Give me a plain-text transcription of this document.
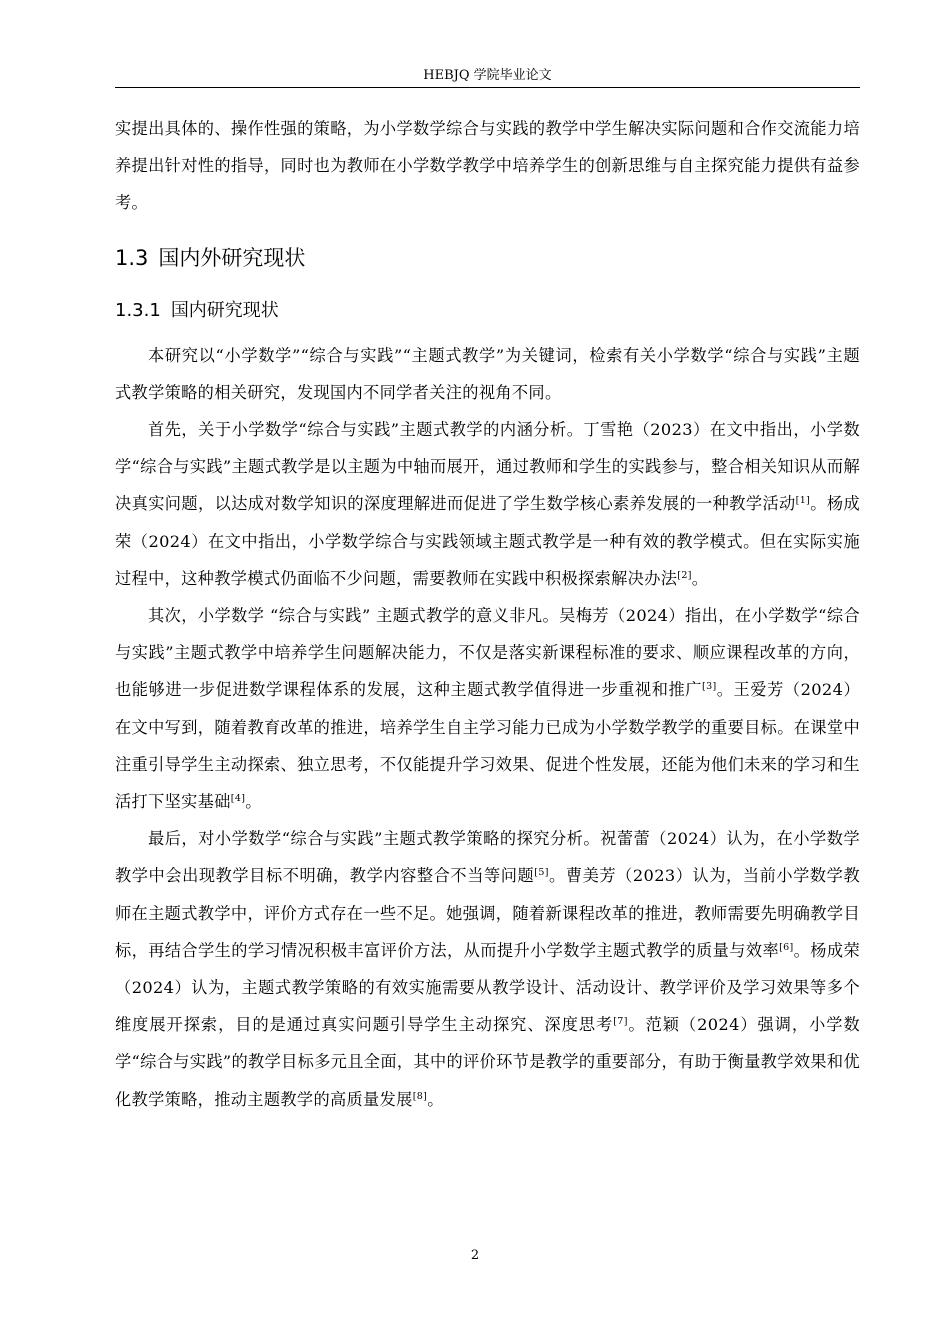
HEBJQ 学院毕业论文

实提出具体的、操作性强的策略，为小学数学综合与实践的教学中学生解决实际问题和合作交流能力培养提出针对性的指导，同时也为教师在小学数学教学中培养学生的创新思维与自主探究能力提供有益参考。

1.3 国内外研究现状
1.3.1 国内研究现状

本研究以“小学数学”“综合与实践”“主题式教学”为关键词，检索有关小学数学“综合与实践”主题式教学策略的相关研究，发现国内不同学者关注的视角不同。

首先，关于小学数学“综合与实践”主题式教学的内涵分析。丁雪艳（2023）在文中指出，小学数学“综合与实践”主题式教学是以主题为中轴而展开，通过教师和学生的实践参与，整合相关知识从而解决真实问题，以达成对数学知识的深度理解进而促进了学生数学核心素养发展的一种教学活动[1]。杨成荣（2024）在文中指出，小学数学综合与实践领域主题式教学是一种有效的教学模式。但在实际实施过程中，这种教学模式仍面临不少问题，需要教师在实践中积极探索解决办法[2]。

其次，小学数学 “综合与实践” 主题式教学的意义非凡。吴梅芳（2024）指出，在小学数学“综合与实践”主题式教学中培养学生问题解决能力，不仅是落实新课程标准的要求、顺应课程改革的方向，也能够进一步促进数学课程体系的发展，这种主题式教学值得进一步重视和推广[3]。王爱芳（2024）在文中写到，随着教育改革的推进，培养学生自主学习能力已成为小学数学教学的重要目标。在课堂中注重引导学生主动探索、独立思考，不仅能提升学习效果、促进个性发展，还能为他们未来的学习和生活打下坚实基础[4]。

最后，对小学数学“综合与实践”主题式教学策略的探究分析。祝蕾蕾（2024）认为，在小学数学教学中会出现教学目标不明确，教学内容整合不当等问题[5]。曹美芳（2023）认为，当前小学数学教师在主题式教学中，评价方式存在一些不足。她强调，随着新课程改革的推进，教师需要先明确教学目标，再结合学生的学习情况积极丰富评价方法，从而提升小学数学主题式教学的质量与效率[6]。杨成荣（2024）认为，主题式教学策略的有效实施需要从教学设计、活动设计、教学评价及学习效果等多个维度展开探索，目的是通过真实问题引导学生主动探究、深度思考[7]。范颖（2024）强调，小学数学“综合与实践”的教学目标多元且全面，其中的评价环节是教学的重要部分，有助于衡量教学效果和优化教学策略，推动主题教学的高质量发展[8]。

2
